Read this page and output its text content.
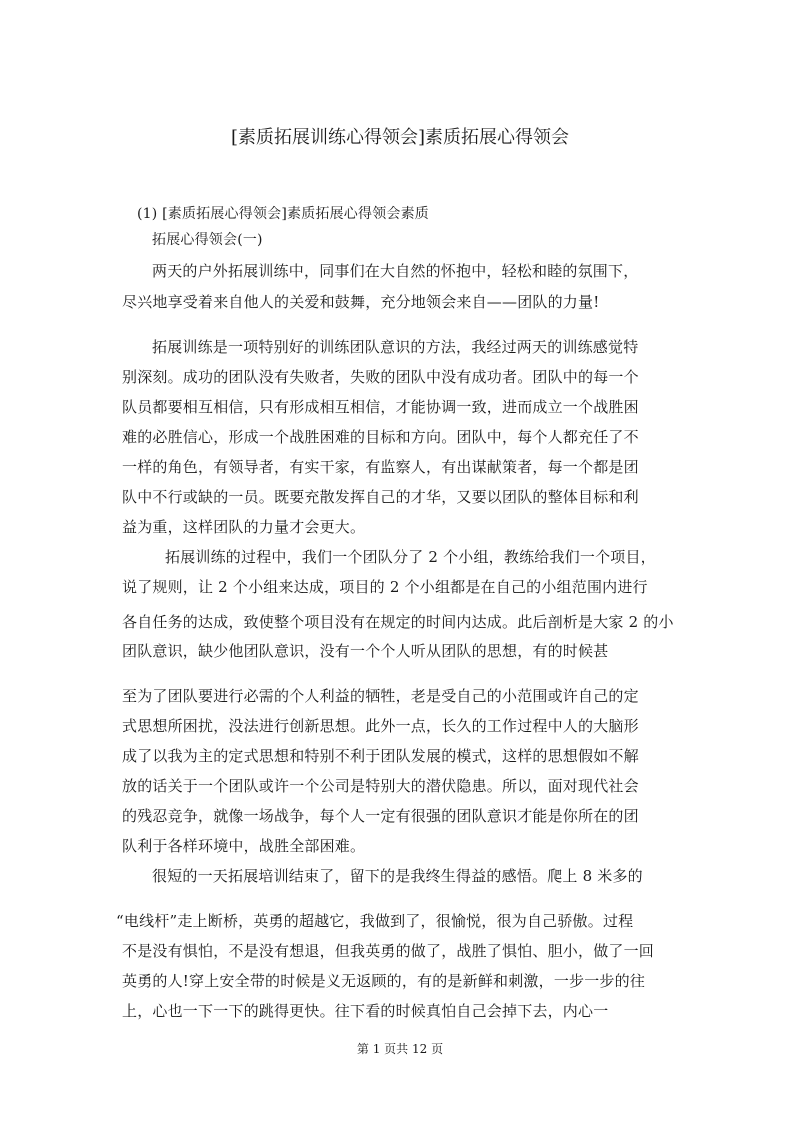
[素质拓展训练心得领会]素质拓展心得领会
(1) [素质拓展心得领会]素质拓展心得领会素质
拓展心得领会(一)
两天的户外拓展训练中，同事们在大自然的怀抱中，轻松和睦的氛围下，
尽兴地享受着来自他人的关爱和鼓舞，充分地领会来自——团队的力量!
拓展训练是一项特别好的训练团队意识的方法，我经过两天的训练感觉特
别深刻。成功的团队没有失败者，失败的团队中没有成功者。团队中的每一个
队员都要相互相信，只有形成相互相信，才能协调一致，进而成立一个战胜困
难的必胜信心，形成一个战胜困难的目标和方向。团队中，每个人都充任了不
一样的角色，有领导者，有实干家，有监察人，有出谋献策者，每一个都是团
队中不行或缺的一员。既要充散发挥自己的才华，又要以团队的整体目标和利
益为重，这样团队的力量才会更大。
拓展训练的过程中，我们一个团队分了 2 个小组，教练给我们一个项目，
说了规则，让 2 个小组来达成，项目的 2 个小组都是在自己的小组范围内进行
各自任务的达成，致使整个项目没有在规定的时间内达成。此后剖析是大家 2 的小
团队意识，缺少他团队意识，没有一个个人听从团队的思想，有的时候甚
至为了团队要进行必需的个人利益的牺牲，老是受自己的小范围或许自己的定
式思想所困扰，没法进行创新思想。此外一点，长久的工作过程中人的大脑形
成了以我为主的定式思想和特别不利于团队发展的模式，这样的思想假如不解
放的话关于一个团队或许一个公司是特别大的潜伏隐患。所以，面对现代社会
的残忍竞争，就像一场战争，每个人一定有很强的团队意识才能是你所在的团
队利于各样环境中，战胜全部困难。
很短的一天拓展培训结束了，留下的是我终生得益的感悟。爬上 8 米多的
“电线杆”走上断桥，英勇的超越它，我做到了，很愉悦，很为自己骄傲。过程
不是没有惧怕，不是没有想退，但我英勇的做了，战胜了惧怕、胆小，做了一回
英勇的人!穿上安全带的时候是义无返顾的，有的是新鲜和刺激，一步一步的往
上，心也一下一下的跳得更快。往下看的时候真怕自己会掉下去，内心一
第 1 页共 12 页
